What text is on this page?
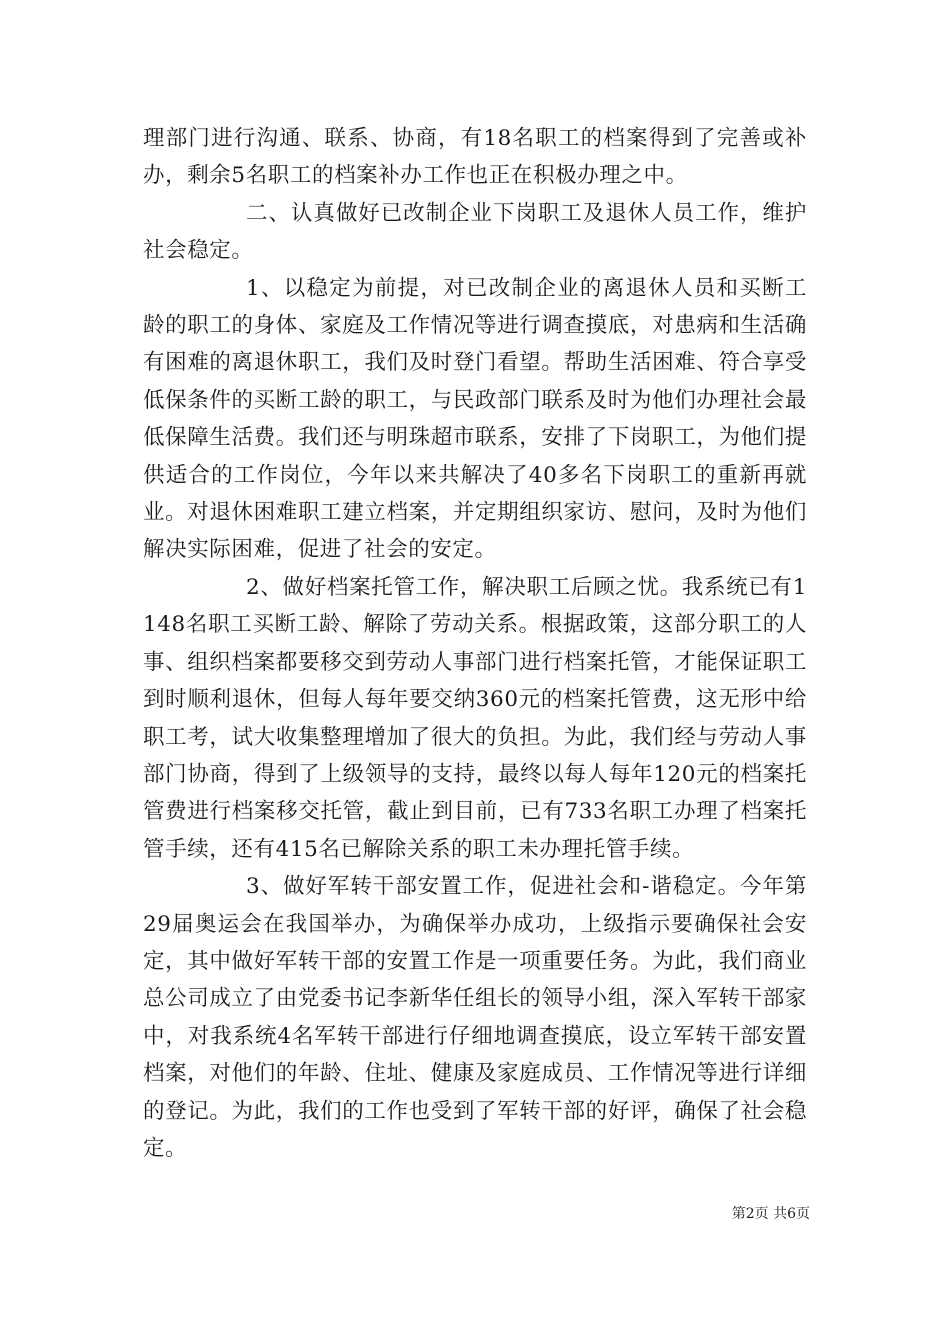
理部门进行沟通、联系、协商，有18名职工的档案得到了完善或补办，剩余5名职工的档案补办工作也正在积极办理之中。

二、认真做好已改制企业下岗职工及退休人员工作，维护社会稳定。

1、以稳定为前提，对已改制企业的离退休人员和买断工龄的职工的身体、家庭及工作情况等进行调查摸底，对患病和生活确有困难的离退休职工，我们及时登门看望。帮助生活困难、符合享受低保条件的买断工龄的职工，与民政部门联系及时为他们办理社会最低保障生活费。我们还与明珠超市联系，安排了下岗职工，为他们提供适合的工作岗位，今年以来共解决了40多名下岗职工的重新再就业。对退休困难职工建立档案，并定期组织家访、慰问，及时为他们解决实际困难，促进了社会的安定。

2、做好档案托管工作，解决职工后顾之忧。我系统已有1148名职工买断工龄、解除了劳动关系。根据政策，这部分职工的人事、组织档案都要移交到劳动人事部门进行档案托管，才能保证职工到时顺利退休，但每人每年要交纳360元的档案托管费，这无形中给职工考，试大收集整理增加了很大的负担。为此，我们经与劳动人事部门协商，得到了上级领导的支持，最终以每人每年120元的档案托管费进行档案移交托管，截止到目前，已有733名职工办理了档案托管手续，还有415名已解除关系的职工未办理托管手续。

3、做好军转干部安置工作，促进社会和-谐稳定。今年第29届奥运会在我国举办，为确保举办成功，上级指示要确保社会安定，其中做好军转干部的安置工作是一项重要任务。为此，我们商业总公司成立了由党委书记李新华任组长的领导小组，深入军转干部家中，对我系统4名军转干部进行仔细地调查摸底，设立军转干部安置档案，对他们的年龄、住址、健康及家庭成员、工作情况等进行详细的登记。为此，我们的工作也受到了军转干部的好评，确保了社会稳定。

第2页 共6页
